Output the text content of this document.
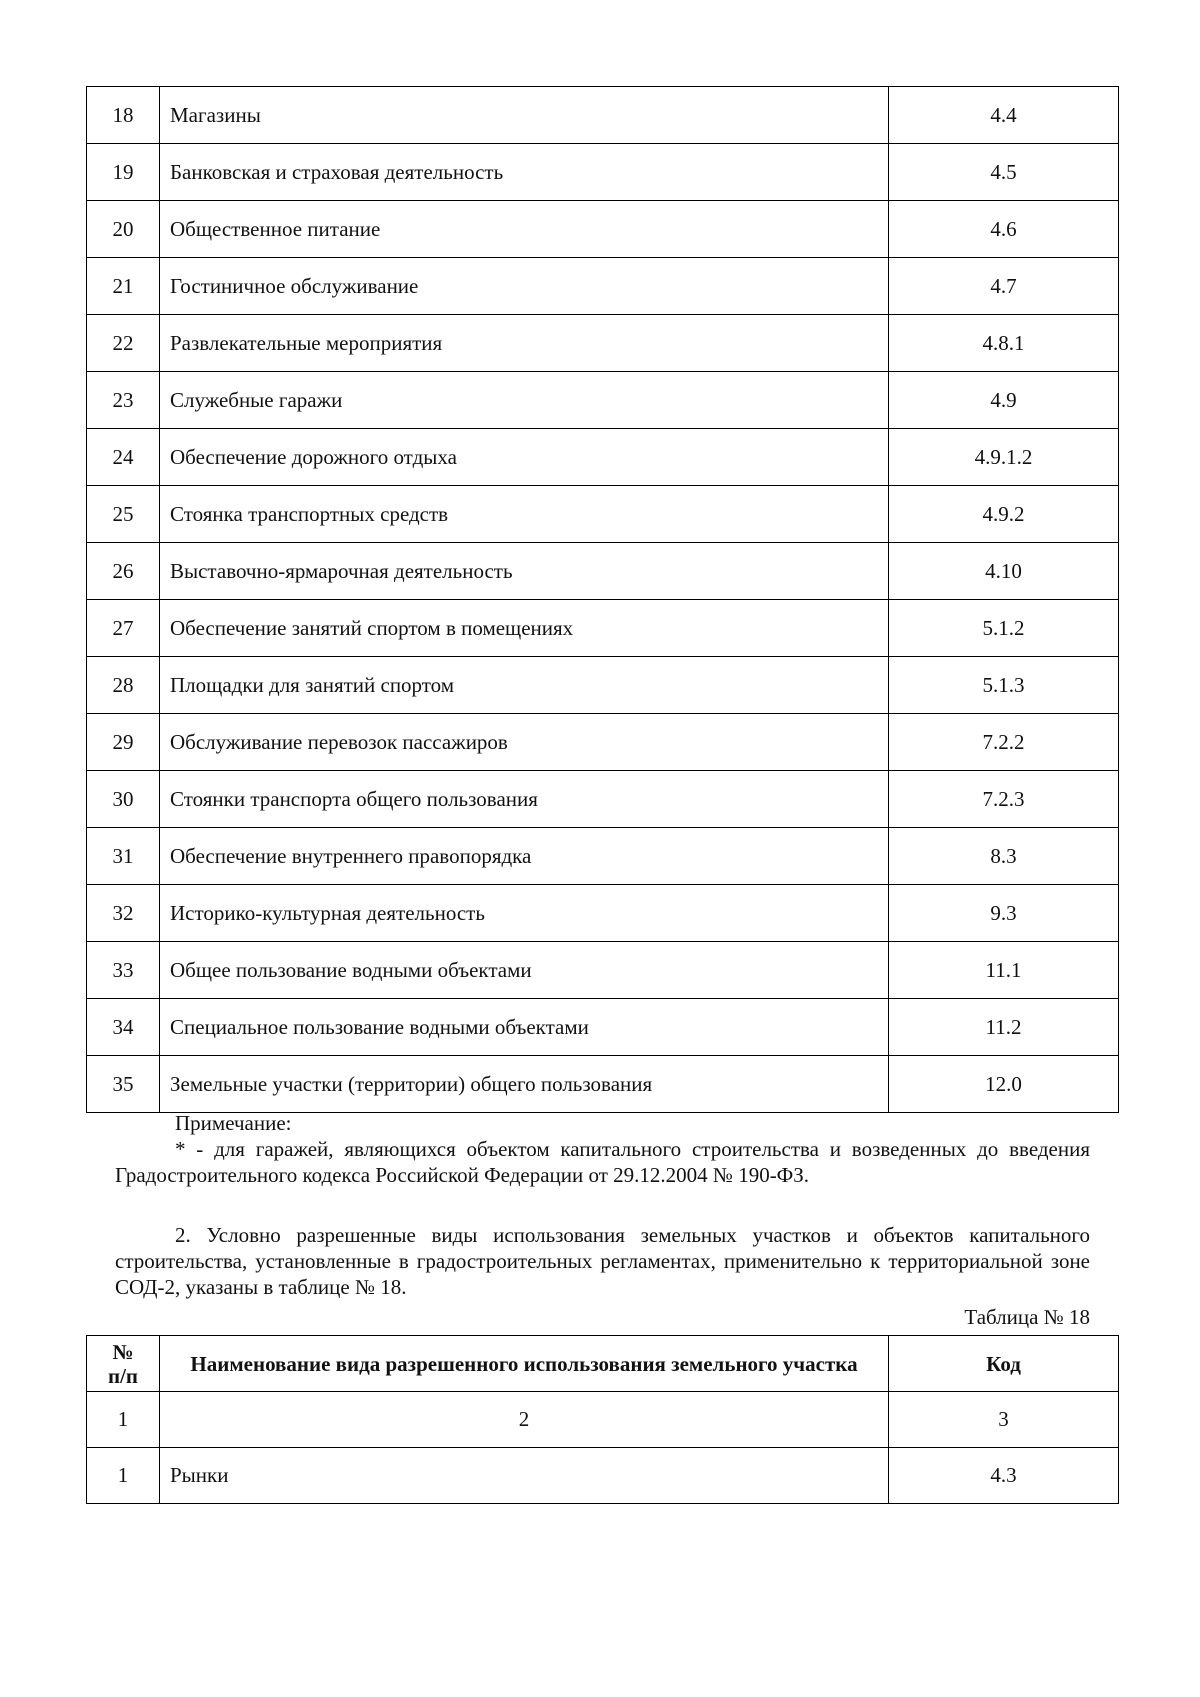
18	Магазины	4.4
19	Банковская и страховая деятельность	4.5
20	Общественное питание	4.6
21	Гостиничное обслуживание	4.7
22	Развлекательные мероприятия	4.8.1
23	Служебные гаражи	4.9
24	Обеспечение дорожного отдыха	4.9.1.2
25	Стоянка транспортных средств	4.9.2
26	Выставочно-ярмарочная деятельность	4.10
27	Обеспечение занятий спортом в помещениях	5.1.2
28	Площадки для занятий спортом	5.1.3
29	Обслуживание перевозок пассажиров	7.2.2
30	Стоянки транспорта общего пользования	7.2.3
31	Обеспечение внутреннего правопорядка	8.3
32	Историко-культурная деятельность	9.3
33	Общее пользование водными объектами	11.1
34	Специальное пользование водными объектами	11.2
35	Земельные участки (территории) общего пользования	12.0
Примечание:
* - для гаражей, являющихся объектом капитального строительства и возведенных до введения Градостроительного кодекса Российской Федерации от 29.12.2004 № 190-ФЗ.
2. Условно разрешенные виды использования земельных участков и объектов капитального строительства, установленные в градостроительных регламентах, применительно к территориальной зоне СОД-2, указаны в таблице № 18.
Таблица № 18
№
п/п	Наименование вида разрешенного использования земельного участка	Код
1	2	3
1	Рынки	4.3
